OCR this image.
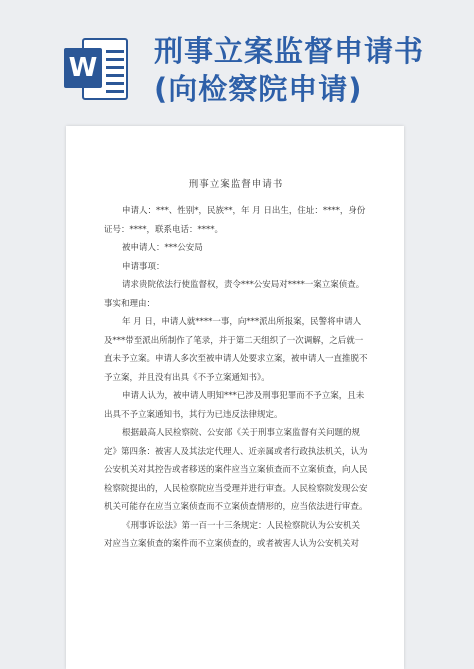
W 刑事立案监督申请书(向检察院申请)
刑事立案监督申请书

申请人：***、性别*，民族**，年 月 日出生，住址：****，身份证号：****，联系电话：****。

被申请人：***公安局

申请事项：

请求贵院依法行使监督权，责令***公安局对****一案立案侦查。事实和理由：

年 月 日，申请人就****一事，向***派出所报案，民警将申请人及***带至派出所制作了笔录，并于第二天组织了一次调解，之后就一直未予立案。申请人多次至被申请人处要求立案，被申请人一直推脱不予立案，并且没有出具《不予立案通知书》。

申请人认为，被申请人明知***已涉及刑事犯罪而不予立案，且未出具不予立案通知书，其行为已违反法律规定。

根据最高人民检察院、公安部《关于刑事立案监督有关问题的规定》第四条：被害人及其法定代理人、近亲属或者行政执法机关，认为公安机关对其控告或者移送的案件应当立案侦查而不立案侦查，向人民检察院提出的，人民检察院应当受理并进行审查。人民检察院发现公安机关可能存在应当立案侦查而不立案侦查情形的，应当依法进行审查。

《刑事诉讼法》第一百一十三条规定：人民检察院认为公安机关对应当立案侦查的案件而不立案侦查的，或者被害人认为公安机关对
